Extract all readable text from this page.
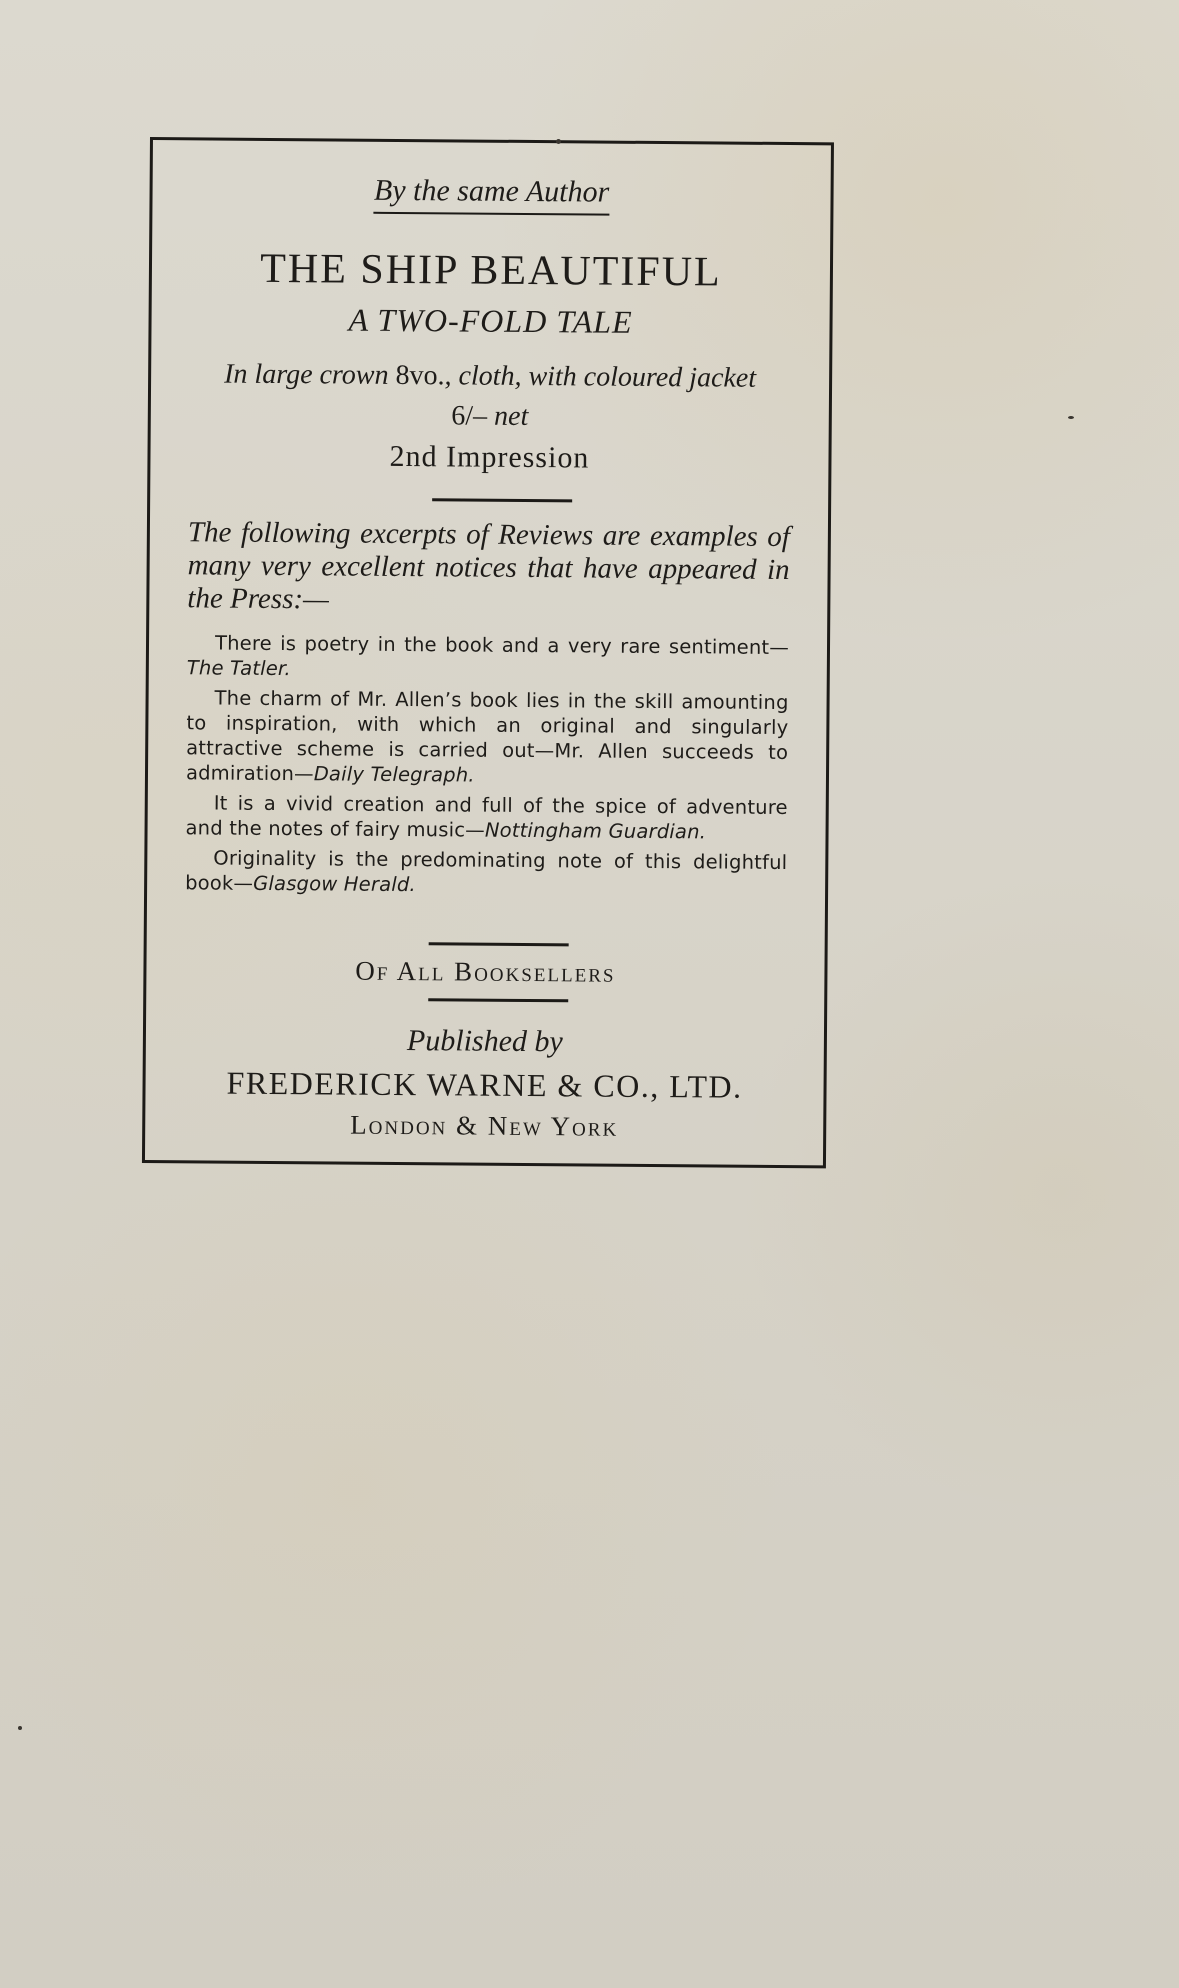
By the same Author
THE SHIP BEAUTIFUL
A TWO-FOLD TALE
In large crown 8vo., cloth, with coloured jacket
6/– net
2nd Impression
The following excerpts of Reviews are examples of many very excellent notices that have appeared in the Press:—

There is poetry in the book and a very rare sentiment—The Tatler.

The charm of Mr. Allen’s book lies in the skill amounting to inspiration, with which an original and singularly attractive scheme is carried out—Mr. Allen succeeds to admiration—Daily Telegraph.

It is a vivid creation and full of the spice of adventure and the notes of fairy music—Nottingham Guardian.

Originality is the predominating note of this delightful book—Glasgow Herald.

Of All Booksellers
Published by
FREDERICK WARNE & CO., LTD.
London & New York
